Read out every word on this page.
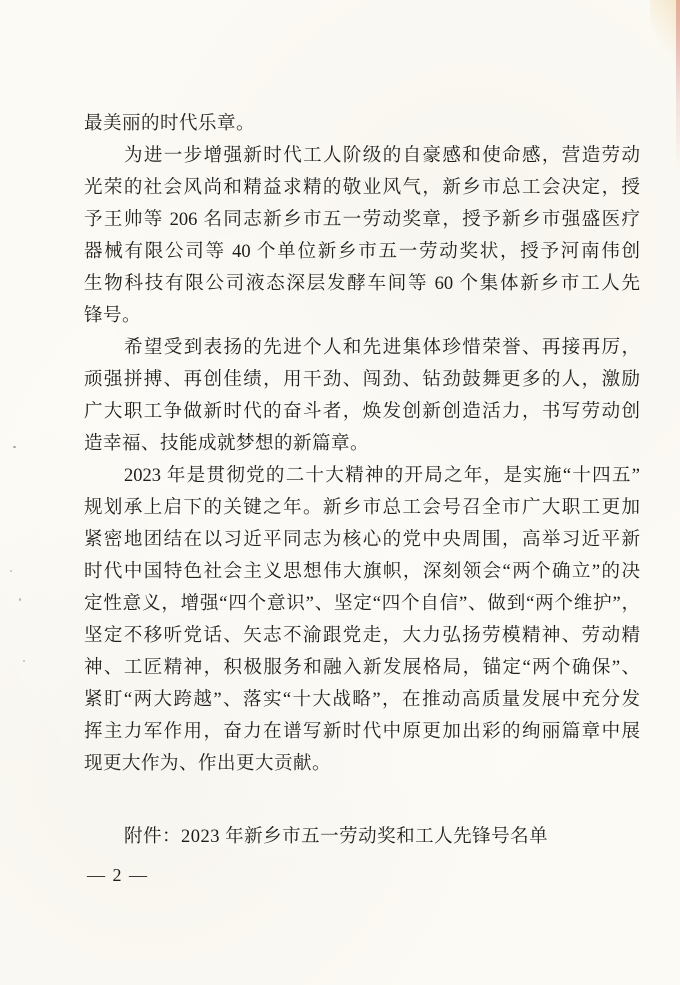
最美丽的时代乐章。
为进一步增强新时代工人阶级的自豪感和使命感，营造劳动
光荣的社会风尚和精益求精的敬业风气，新乡市总工会决定，授
予王帅等 206 名同志新乡市五一劳动奖章，授予新乡市强盛医疗
器械有限公司等 40 个单位新乡市五一劳动奖状，授予河南伟创
生物科技有限公司液态深层发酵车间等 60 个集体新乡市工人先
锋号。
希望受到表扬的先进个人和先进集体珍惜荣誉、再接再厉，
顽强拼搏、再创佳绩，用干劲、闯劲、钻劲鼓舞更多的人，激励
广大职工争做新时代的奋斗者，焕发创新创造活力，书写劳动创
造幸福、技能成就梦想的新篇章。
2023 年是贯彻党的二十大精神的开局之年，是实施“十四五”
规划承上启下的关键之年。新乡市总工会号召全市广大职工更加
紧密地团结在以习近平同志为核心的党中央周围，高举习近平新
时代中国特色社会主义思想伟大旗帜，深刻领会“两个确立”的决
定性意义，增强“四个意识”、坚定“四个自信”、做到“两个维护”，
坚定不移听党话、矢志不渝跟党走，大力弘扬劳模精神、劳动精
神、工匠精神，积极服务和融入新发展格局，锚定“两个确保”、
紧盯“两大跨越”、落实“十大战略”，在推动高质量发展中充分发
挥主力军作用，奋力在谱写新时代中原更加出彩的绚丽篇章中展
现更大作为、作出更大贡献。
附件：2023 年新乡市五一劳动奖和工人先锋号名单
— 2 —
